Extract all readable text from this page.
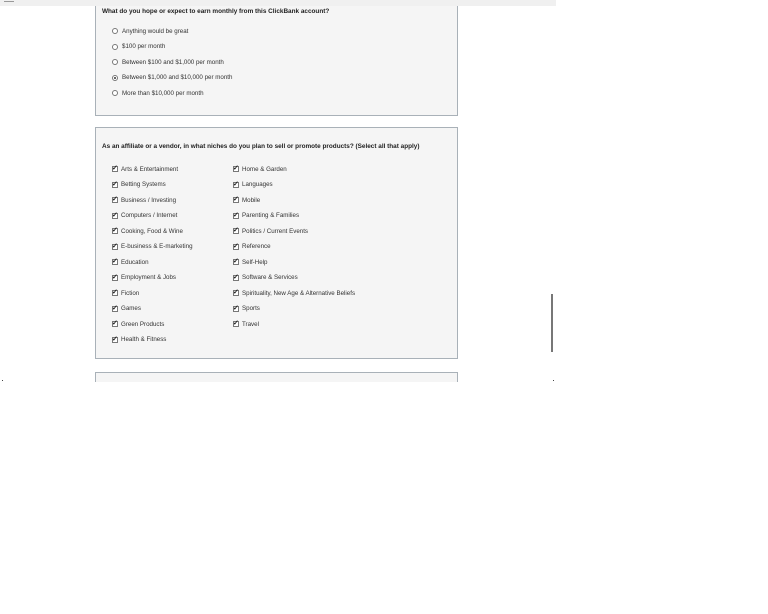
What do you hope or expect to earn monthly from this ClickBank account?
Anything would be great
$100 per month
Between $100 and $1,000 per month
Between $1,000 and $10,000 per month
More than $10,000 per month
As an affiliate or a vendor, in what niches do you plan to sell or promote products? (Select all that apply)
✓
Arts & Entertainment
✓
Betting Systems
✓
Business / Investing
✓
Computers / Internet
✓
Cooking, Food & Wine
✓
E-business & E-marketing
✓
Education
✓
Employment & Jobs
✓
Fiction
✓
Games
✓
Green Products
✓
Health & Fitness
✓
Home & Garden
✓
Languages
✓
Mobile
✓
Parenting & Families
✓
Politics / Current Events
✓
Reference
✓
Self-Help
✓
Software & Services
✓
Spirituality, New Age & Alternative Beliefs
✓
Sports
✓
Travel
